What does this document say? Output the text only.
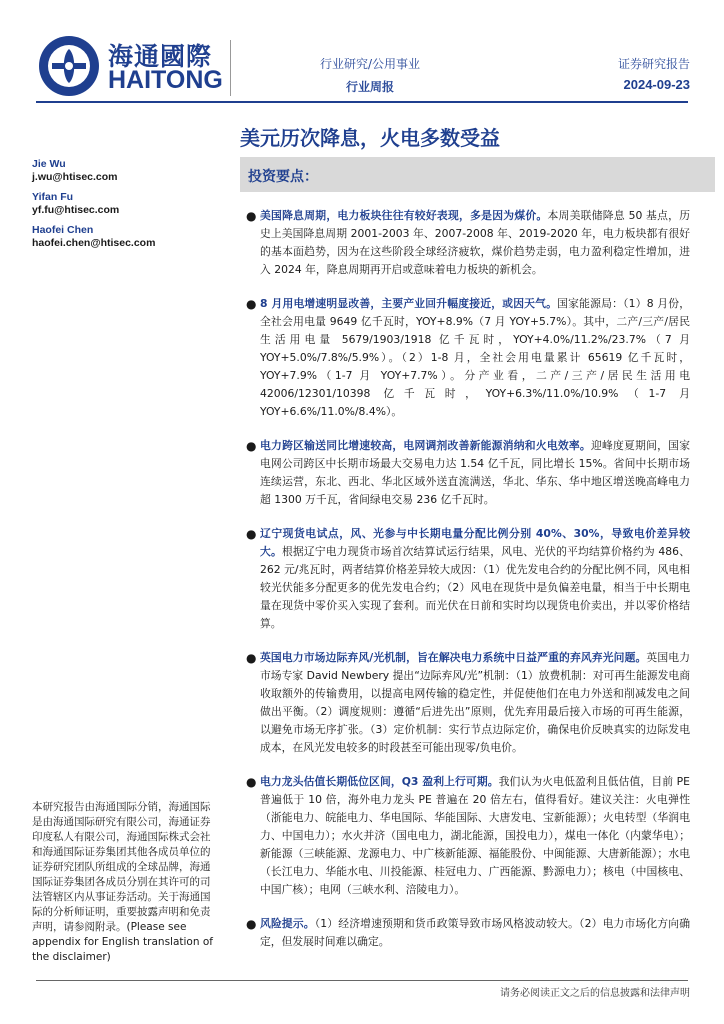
海通國際
HAITONG
行业研究/公用事业
行业周报
证券研究报告
2024-09-23
美元历次降息，火电多数受益
Jie Wu
j.wu@htisec.com
Yifan Fu
yf.fu@htisec.com
Haofei Chen
haofei.chen@htisec.com
投资要点：
● 美国降息周期，电力板块往往有较好表现，多是因为煤价。本周美联储降息 50 基点，历史上美国降息周期 2001-2003 年、2007-2008 年、2019-2020 年，电力板块都有很好的基本面趋势，因为在这些阶段全球经济疲软，煤价趋势走弱，电力盈利稳定性增加，进入 2024 年，降息周期再开启或意味着电力板块的新机会。
● 8 月用电增速明显改善，主要产业回升幅度接近，或因天气。国家能源局：（1）8 月份，全社会用电量 9649 亿千瓦时，YOY+8.9%（7 月 YOY+5.7%）。其中，二产/三产/居民生活用电量 5679/1903/1918 亿千瓦时，YOY+4.0%/11.2%/23.7%（7 月 YOY+5.0%/7.8%/5.9%）。（2）1-8 月，全社会用电量累计 65619 亿千瓦时，YOY+7.9%（1-7 月 YOY+7.7%）。分产业看，二产/三产/居民生活用电 42006/12301/10398 亿千瓦时，YOY+6.3%/11.0%/10.9%（1-7 月 YOY+6.6%/11.0%/8.4%）。
● 电力跨区输送同比增速较高，电网调剂改善新能源消纳和火电效率。迎峰度夏期间，国家电网公司跨区中长期市场最大交易电力达 1.54 亿千瓦，同比增长 15%。省间中长期市场连续运营，东北、西北、华北区域外送直流满送，华北、华东、华中地区增送晚高峰电力超 1300 万千瓦，省间绿电交易 236 亿千瓦时。
● 辽宁现货电试点，风、光参与中长期电量分配比例分别 40%、30%，导致电价差异较大。根据辽宁电力现货市场首次结算试运行结果，风电、光伏的平均结算价格约为 486、262 元/兆瓦时，两者结算价格差异较大成因：（1）优先发电合约的分配比例不同，风电相较光伏能多分配更多的优先发电合约；（2）风电在现货中是负偏差电量，相当于中长期电量在现货中零价买入实现了套利。而光伏在日前和实时均以现货电价卖出，并以零价格结算。
● 英国电力市场边际弃风/光机制，旨在解决电力系统中日益严重的弃风弃光问题。英国电力市场专家 David Newbery 提出“边际弃风/光”机制：（1）放费机制：对可再生能源发电商收取额外的传输费用，以提高电网传输的稳定性，并促使他们在电力外送和削减发电之间做出平衡。（2）调度规则：遵循“后进先出”原则，优先弃用最后接入市场的可再生能源，以避免市场无序扩张。（3）定价机制：实行节点边际定价，确保电价反映真实的边际发电成本，在风光发电较多的时段甚至可能出现零/负电价。
● 电力龙头估值长期低位区间，Q3 盈利上行可期。我们认为火电低盈利且低估值，目前 PE 普遍低于 10 倍，海外电力龙头 PE 普遍在 20 倍左右，值得看好。建议关注：火电弹性（浙能电力、皖能电力、华电国际、华能国际、大唐发电、宝新能源）；火电转型（华润电力、中国电力）；水火并济（国电电力，湖北能源，国投电力），煤电一体化（内蒙华电）；新能源（三峡能源、龙源电力、中广核新能源、福能股份、中闽能源、大唐新能源）；水电（长江电力、华能水电、川投能源、桂冠电力、广西能源、黔源电力）；核电（中国核电、中国广核）；电网（三峡水利、涪陵电力）。
● 风险提示。（1）经济增速预期和货币政策导致市场风格波动较大。（2）电力市场化方向确定，但发展时间难以确定。
本研究报告由海通国际分销，海通国际是由海通国际研究有限公司，海通证券印度私人有限公司，海通国际株式会社和海通国际证券集团其他各成员单位的证券研究团队所组成的全球品牌，海通国际证券集团各成员分别在其许可的司法管辖区内从事证券活动。关于海通国际的分析师证明，重要披露声明和免责声明，请参阅附录。(Please see appendix for English translation of the disclaimer)
请务必阅读正文之后的信息披露和法律声明
